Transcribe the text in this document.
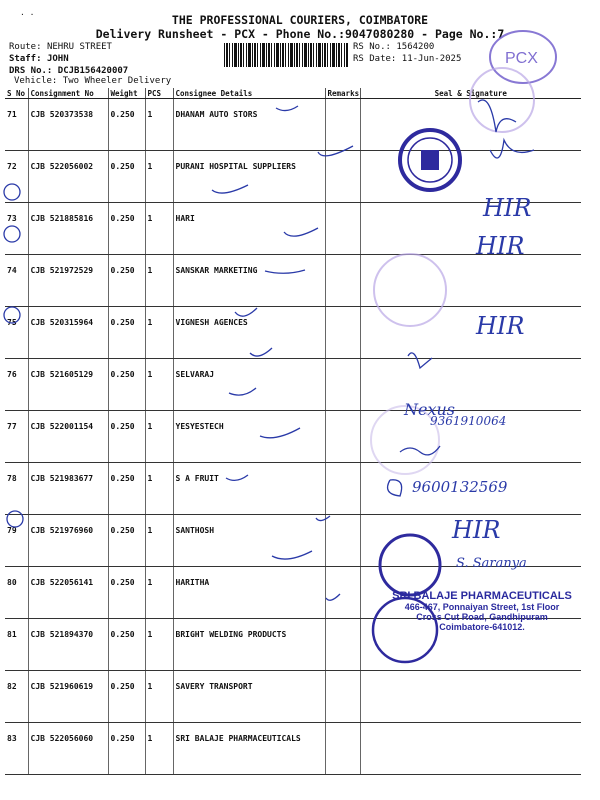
. .
THE PROFESSIONAL COURIERS, COIMBATORE
Delivery Runsheet - PCX - Phone No.:9047080280 - Page No.:7
Route: NEHRU STREET
Staff: JOHN
DRS No.: DCJB156420007
Vehicle: Two Wheeler Delivery
RS No.: 1564200
RS Date: 11-Jun-2025
S No	Consignment No	Weight	PCS	Consignee Details	Remarks	Seal & Signature
71	CJB 520373538	0.250	1	DHANAM AUTO STORS		
72	CJB 522056002	0.250	1	PURANI HOSPITAL SUPPLIERS		
73	CJB 521885816	0.250	1	HARI		
74	CJB 521972529	0.250	1	SANSKAR MARKETING		
75	CJB 520315964	0.250	1	VIGNESH AGENCES		
76	CJB 521605129	0.250	1	SELVARAJ		
77	CJB 522001154	0.250	1	YESYESTECH		
78	CJB 521983677	0.250	1	S A FRUIT		
79	CJB 521976960	0.250	1	SANTHOSH		
80	CJB 522056141	0.250	1	HARITHA		
81	CJB 521894370	0.250	1	BRIGHT WELDING PRODUCTS		
82	CJB 521960619	0.250	1	SAVERY TRANSPORT		
83	CJB 522056060	0.250	1	SRI BALAJE PHARMACEUTICALS		
PCX
HIR
HIR
HIR
Nexus
9361910064
9600132569
HIR
S. Saranya
SRI BALAJE PHARMACEUTICALS
466-467, Ponnaiyan Street, 1st Floor
Cross Cut Road, Gandhipuram
Coimbatore-641012.
